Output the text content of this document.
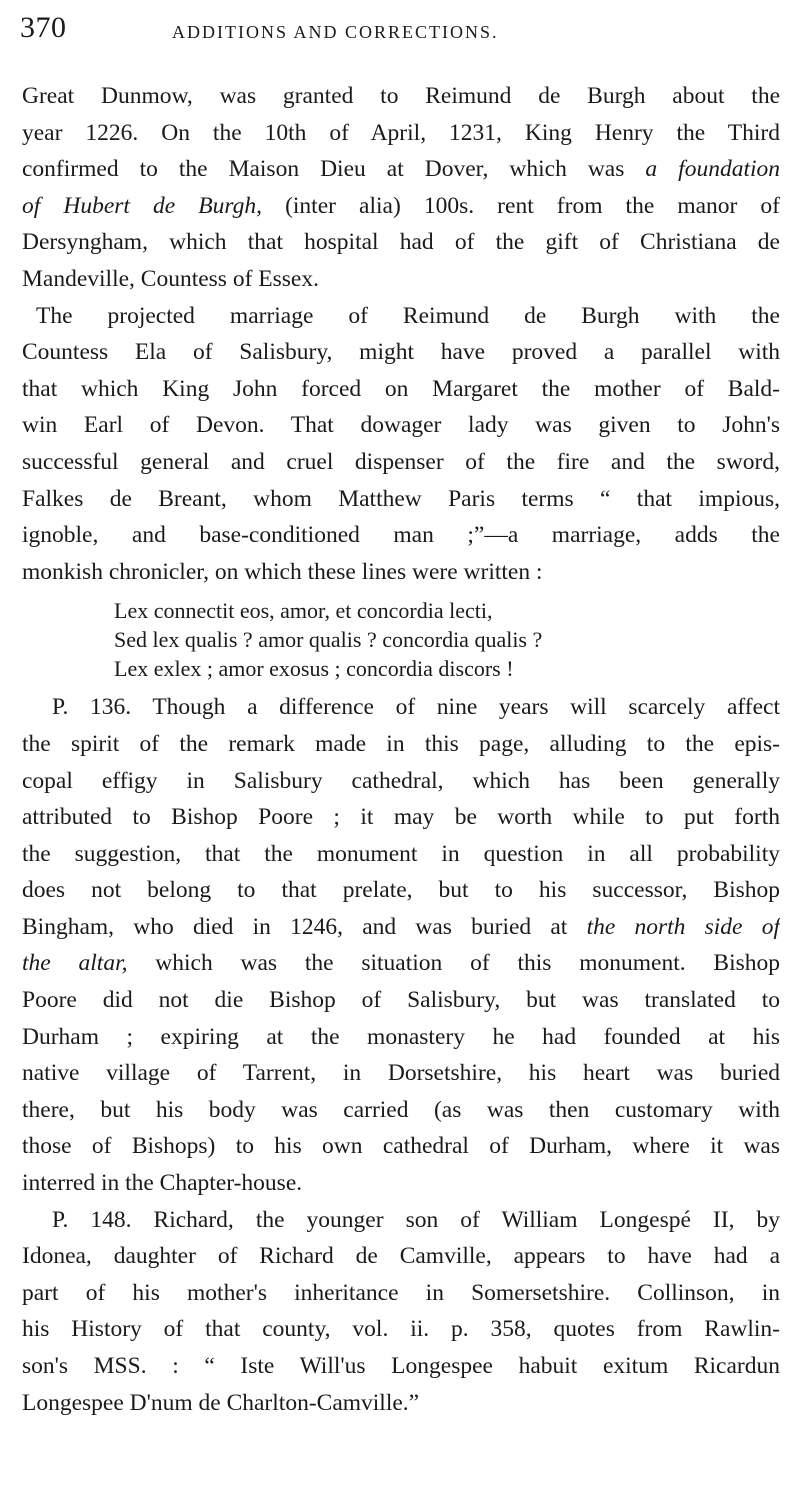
370	ADDITIONS AND CORRECTIONS.
Great Dunmow, was granted to Reimund de Burgh about the
year 1226. On the 10th of April, 1231, King Henry the Third
confirmed to the Maison Dieu at Dover, which was a foundation
of Hubert de Burgh, (inter alia) 100s. rent from the manor of
Dersyngham, which that hospital had of the gift of Christiana de
Mandeville, Countess of Essex.
The projected marriage of Reimund de Burgh with the
Countess Ela of Salisbury, might have proved a parallel with
that which King John forced on Margaret the mother of Bald-
win Earl of Devon. That dowager lady was given to John's
successful general and cruel dispenser of the fire and the sword,
Falkes de Breant, whom Matthew Paris terms “ that impious,
ignoble, and base-conditioned man ;”—a marriage, adds the
monkish chronicler, on which these lines were written :
Lex connectit eos, amor, et concordia lecti,
Sed lex qualis ? amor qualis ? concordia qualis ?
Lex exlex ; amor exosus ; concordia discors !
P. 136. Though a difference of nine years will scarcely affect
the spirit of the remark made in this page, alluding to the epis-
copal effigy in Salisbury cathedral, which has been generally
attributed to Bishop Poore ; it may be worth while to put forth
the suggestion, that the monument in question in all probability
does not belong to that prelate, but to his successor, Bishop
Bingham, who died in 1246, and was buried at the north side of
the altar, which was the situation of this monument. Bishop
Poore did not die Bishop of Salisbury, but was translated to
Durham ; expiring at the monastery he had founded at his
native village of Tarrent, in Dorsetshire, his heart was buried
there, but his body was carried (as was then customary with
those of Bishops) to his own cathedral of Durham, where it was
interred in the Chapter-house.
P. 148. Richard, the younger son of William Longespé II, by
Idonea, daughter of Richard de Camville, appears to have had a
part of his mother's inheritance in Somersetshire. Collinson, in
his History of that county, vol. ii. p. 358, quotes from Rawlin-
son's MSS. : “ Iste Will'us Longespee habuit exitum Ricardun
Longespee D'num de Charlton-Camville.”
